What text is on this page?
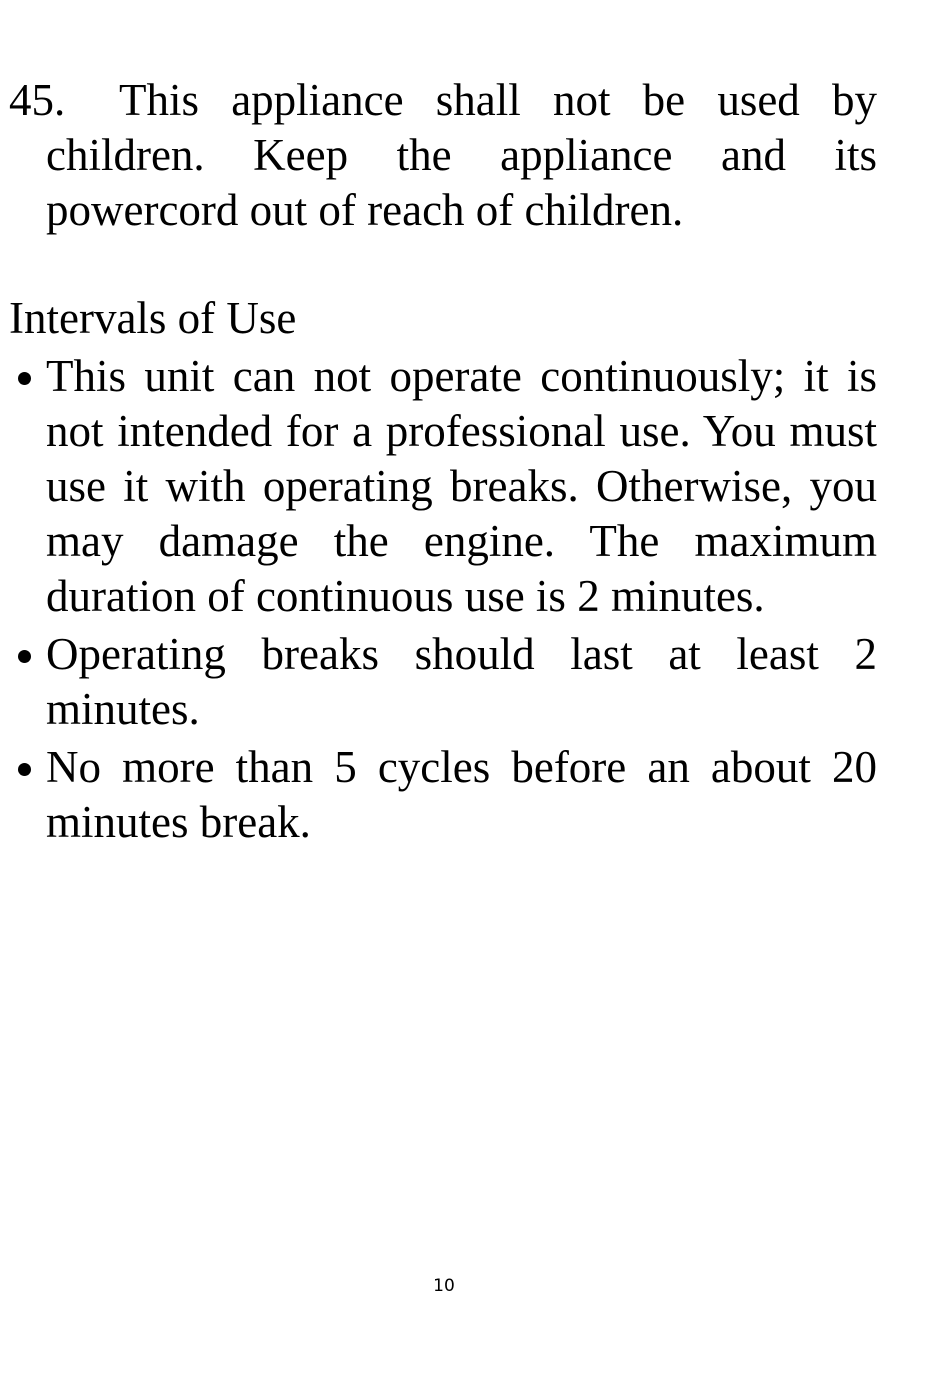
45.	This appliance shall not be used by children. Keep the appliance and its powercord out of reach of children.
Intervals of Use
This unit can not operate continuously; it is not intended for a professional use. You must use it with operating breaks. Otherwise, you may damage the engine. The maximum duration of continuous use is 2 minutes.
Operating breaks should last at least 2 minutes.
No more than 5 cycles before an about 20 minutes break.
10
